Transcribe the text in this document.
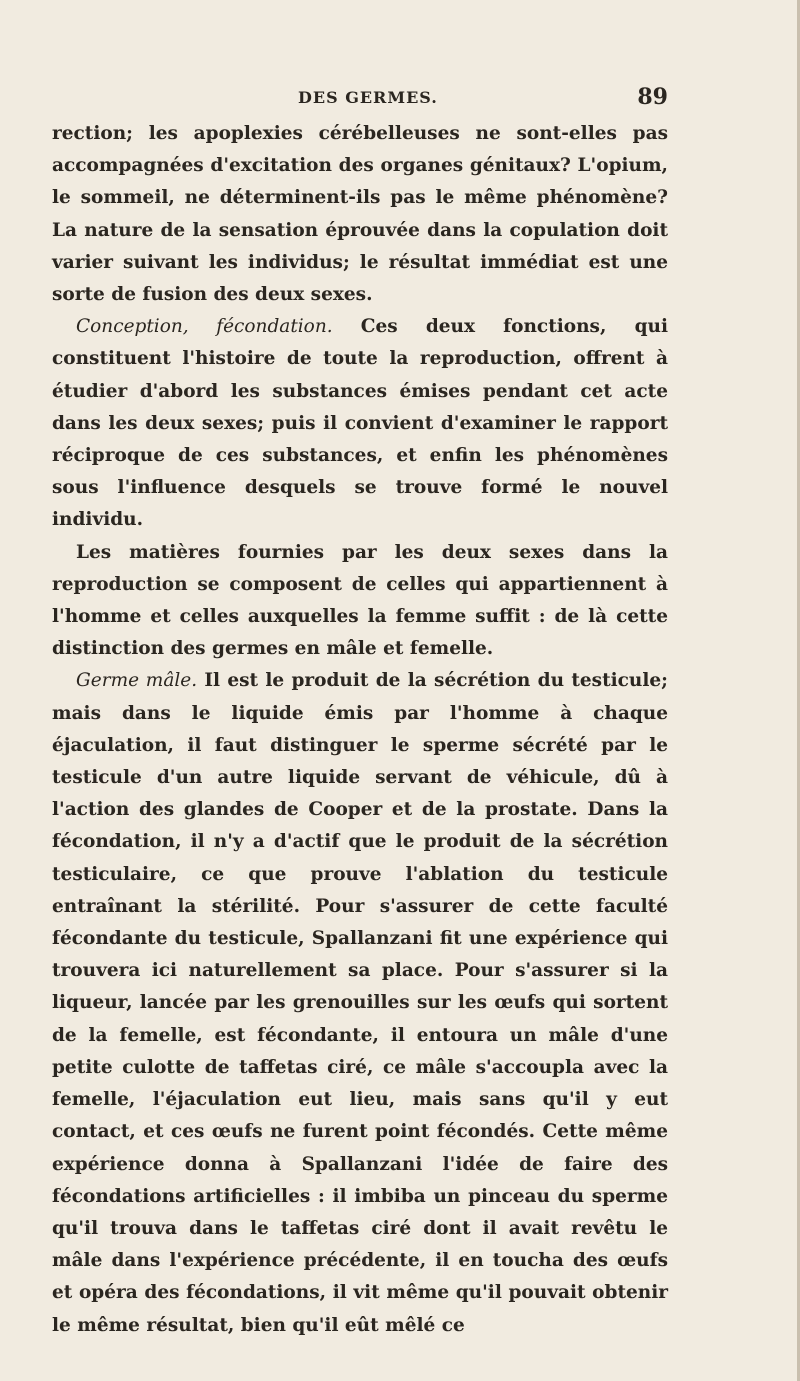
DES GERMES.	89

rection; les apoplexies cérébelleuses ne sont-elles pas accompagnées d'excitation des organes génitaux? L'opium, le sommeil, ne déterminent-ils pas le même phénomène? La nature de la sensation éprouvée dans la copulation doit varier suivant les individus; le résultat immédiat est une sorte de fusion des deux sexes.

Conception, fécondation. Ces deux fonctions, qui constituent l'histoire de toute la reproduction, offrent à étudier d'abord les substances émises pendant cet acte dans les deux sexes; puis il convient d'examiner le rapport réciproque de ces substances, et enfin les phénomènes sous l'influence desquels se trouve formé le nouvel individu.

Les matières fournies par les deux sexes dans la reproduction se composent de celles qui appartiennent à l'homme et celles auxquelles la femme suffit : de là cette distinction des germes en mâle et femelle.

Germe mâle. Il est le produit de la sécrétion du testicule; mais dans le liquide émis par l'homme à chaque éjaculation, il faut distinguer le sperme sécrété par le testicule d'un autre liquide servant de véhicule, dû à l'action des glandes de Cooper et de la prostate. Dans la fécondation, il n'y a d'actif que le produit de la sécrétion testiculaire, ce que prouve l'ablation du testicule entraînant la stérilité. Pour s'assurer de cette faculté fécondante du testicule, Spallanzani fit une expérience qui trouvera ici naturellement sa place. Pour s'assurer si la liqueur, lancée par les grenouilles sur les œufs qui sortent de la femelle, est fécondante, il entoura un mâle d'une petite culotte de taffetas ciré, ce mâle s'accoupla avec la femelle, l'éjaculation eut lieu, mais sans qu'il y eut contact, et ces œufs ne furent point fécondés. Cette même expérience donna à Spallanzani l'idée de faire des fécondations artificielles : il imbiba un pinceau du sperme qu'il trouva dans le taffetas ciré dont il avait revêtu le mâle dans l'expérience précédente, il en toucha des œufs et opéra des fécondations, il vit même qu'il pouvait obtenir le même résultat, bien qu'il eût mêlé ce
